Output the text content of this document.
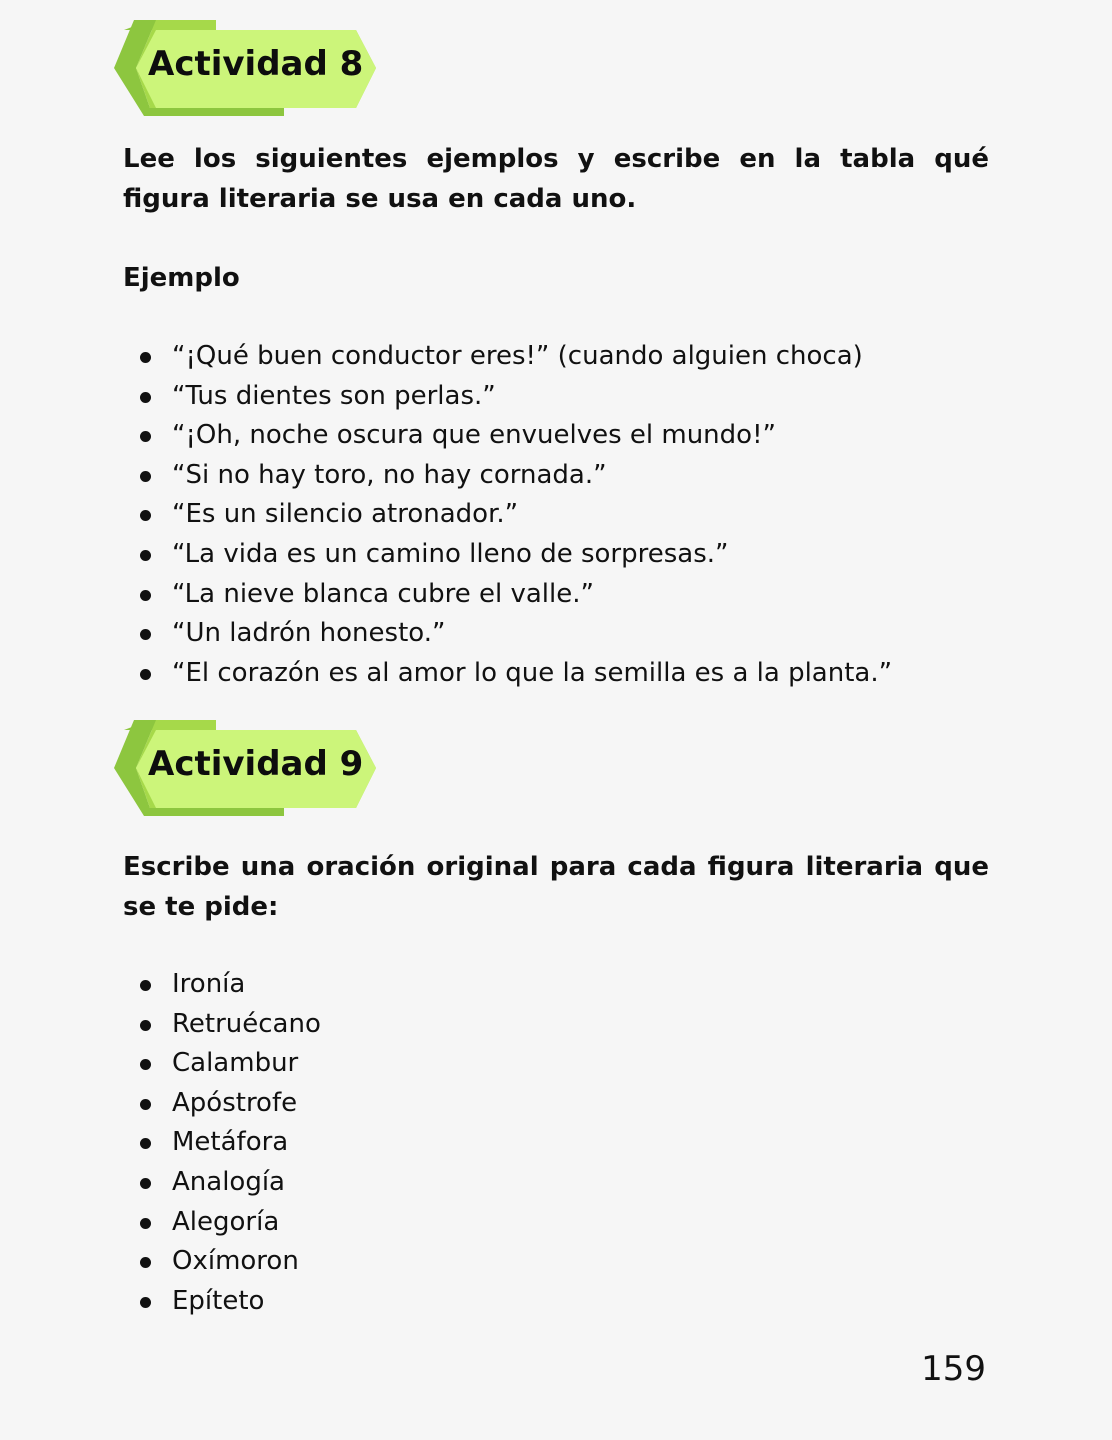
Actividad 8

Lee los siguientes ejemplos y escribe en la tabla qué figura literaria se usa en cada uno.

Ejemplo

“¡Qué buen conductor eres!” (cuando alguien choca)
“Tus dientes son perlas.”
“¡Oh, noche oscura que envuelves el mundo!”
“Si no hay toro, no hay cornada.”
“Es un silencio atronador.”
“La vida es un camino lleno de sorpresas.”
“La nieve blanca cubre el valle.”
“Un ladrón honesto.”
“El corazón es al amor lo que la semilla es a la planta.”
Actividad 9

Escribe una oración original para cada figura literaria que se te pide:

Ironía
Retruécano
Calambur
Apóstrofe
Metáfora
Analogía
Alegoría
Oxímoron
Epíteto
159
